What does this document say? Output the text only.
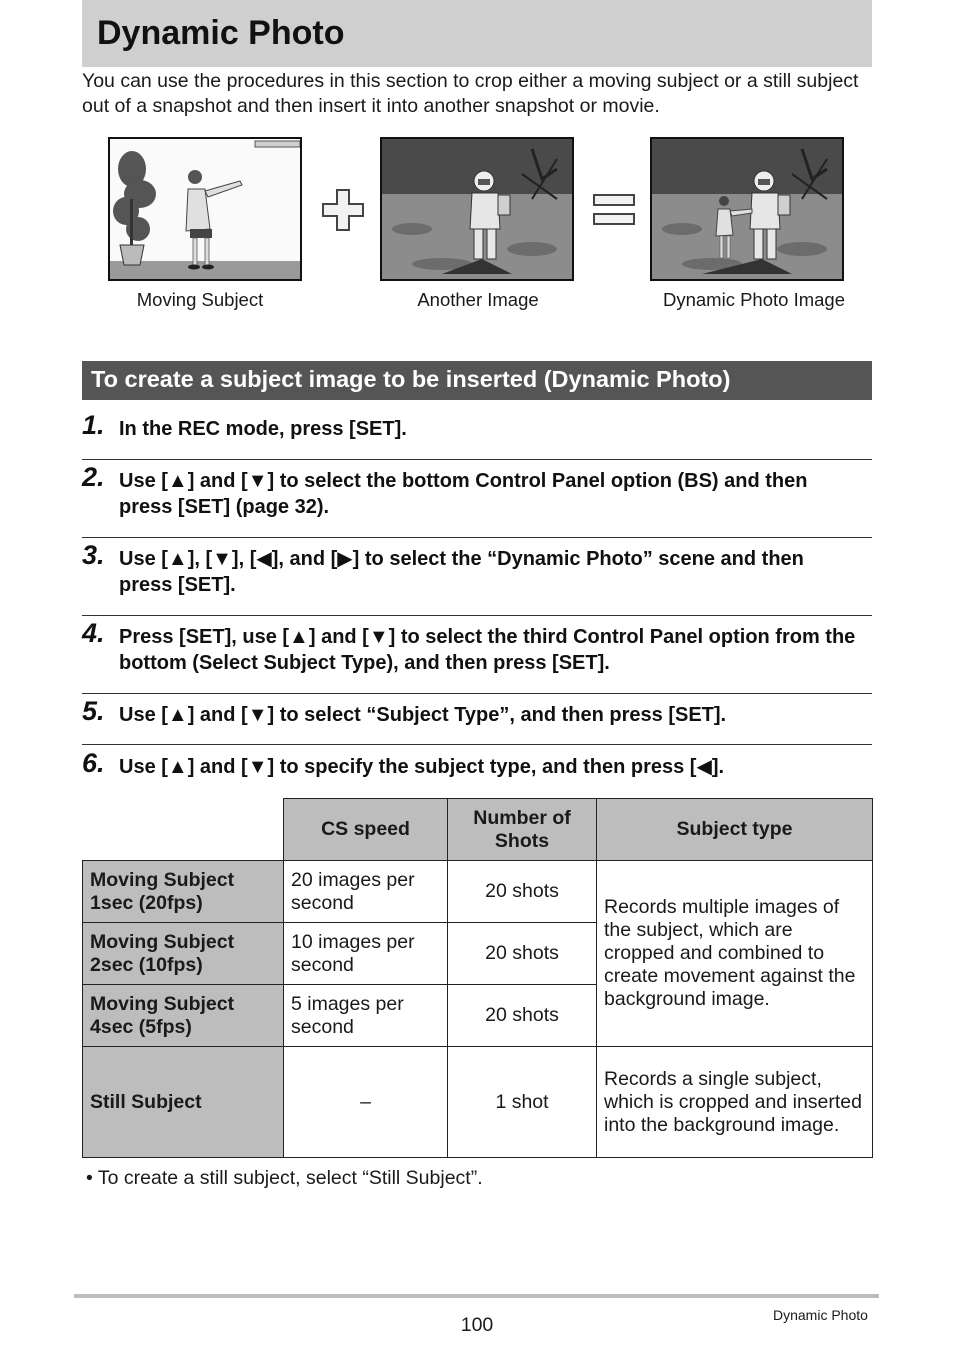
Dynamic Photo
You can use the procedures in this section to crop either a moving subject or a still subject out of a snapshot and then insert it into another snapshot or movie.
Moving Subject	Another Image	Dynamic Photo Image
To create a subject image to be inserted (Dynamic Photo)
1. In the REC mode, press [SET].
2. Use [▲] and [▼] to select the bottom Control Panel option (BS) and then press [SET] (page 32).
3. Use [▲], [▼], [◀], and [▶] to select the “Dynamic Photo” scene and then press [SET].
4. Press [SET], use [▲] and [▼] to select the third Control Panel option from the bottom (Select Subject Type), and then press [SET].
5. Use [▲] and [▼] to select “Subject Type”, and then press [SET].
6. Use [▲] and [▼] to specify the subject type, and then press [◀].
	CS speed	Number of Shots	Subject type
Moving Subject 1sec (20fps)	20 images per second	20 shots	Records multiple images of the subject, which are cropped and combined to create movement against the background image.
Moving Subject 2sec (10fps)	10 images per second	20 shots	
Moving Subject 4sec (5fps)	5 images per second	20 shots	
Still Subject	–	1 shot	Records a single subject, which is cropped and inserted into the background image.
• To create a still subject, select “Still Subject”.
100	Dynamic Photo
